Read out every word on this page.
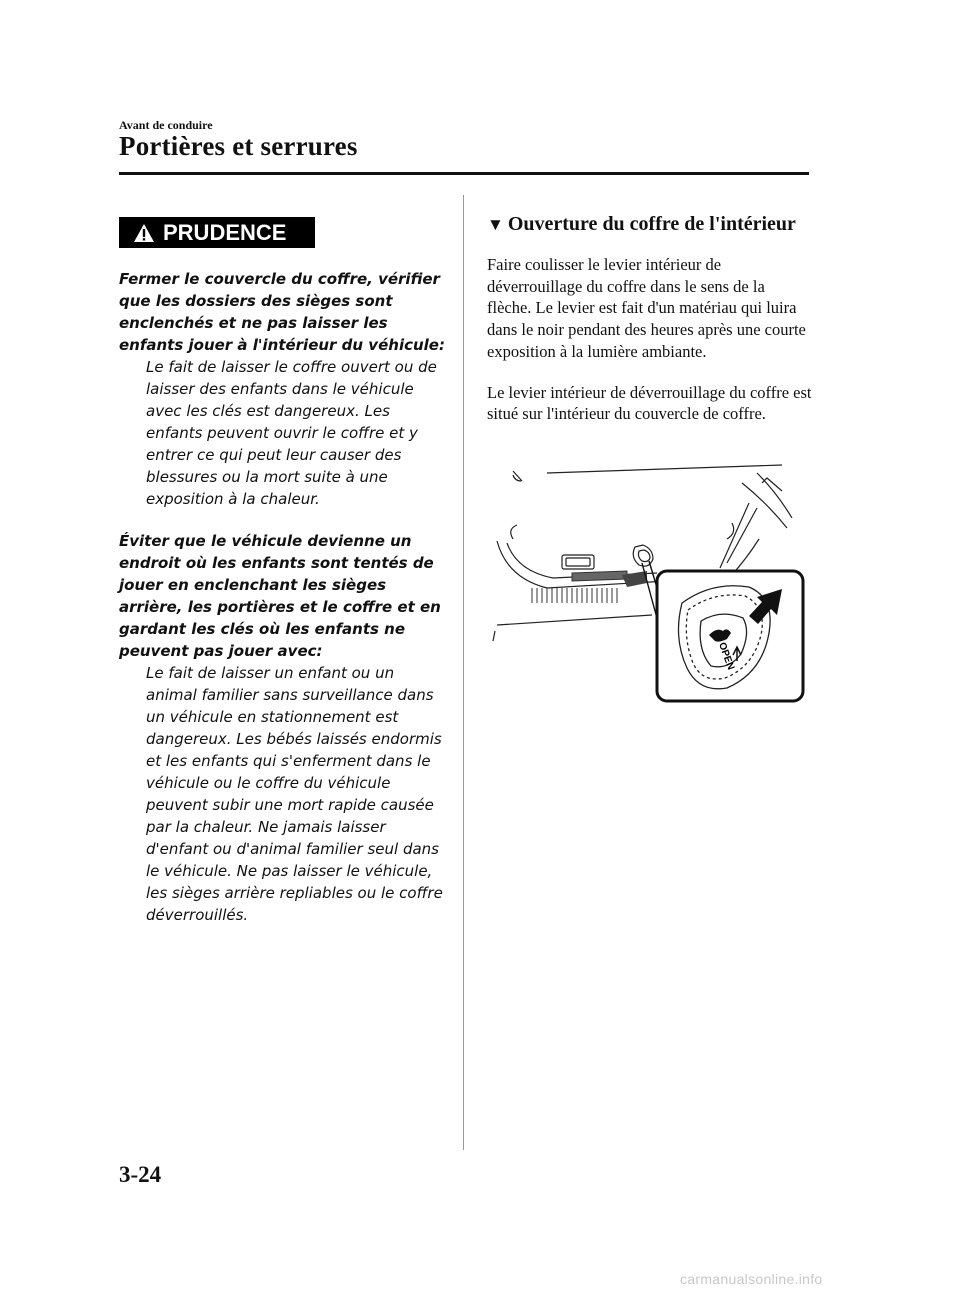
Avant de conduire
Portières et serrures
PRUDENCE

Fermer le couvercle du coffre, vérifier que les dossiers des sièges sont enclenchés et ne pas laisser les enfants jouer à l'intérieur du véhicule:

Le fait de laisser le coffre ouvert ou de laisser des enfants dans le véhicule avec les clés est dangereux. Les enfants peuvent ouvrir le coffre et y entrer ce qui peut leur causer des blessures ou la mort suite à une exposition à la chaleur.

Éviter que le véhicule devienne un endroit où les enfants sont tentés de jouer en enclenchant les sièges arrière, les portières et le coffre et en gardant les clés où les enfants ne peuvent pas jouer avec:

Le fait de laisser un enfant ou un animal familier sans surveillance dans un véhicule en stationnement est dangereux. Les bébés laissés endormis et les enfants qui s'enferment dans le véhicule ou le coffre du véhicule peuvent subir une mort rapide causée par la chaleur. Ne jamais laisser d'enfant ou d'animal familier seul dans le véhicule. Ne pas laisser le véhicule, les sièges arrière repliables ou le coffre déverrouillés.

▼ Ouverture du coffre de l'intérieur

Faire coulisser le levier intérieur de déverrouillage du coffre dans le sens de la flèche. Le levier est fait d'un matériau qui luira dans le noir pendant des heures après une courte exposition à la lumière ambiante.

Le levier intérieur de déverrouillage du coffre est situé sur l'intérieur du couvercle de coffre.

OPEN
3-24
carmanualsonline.info
